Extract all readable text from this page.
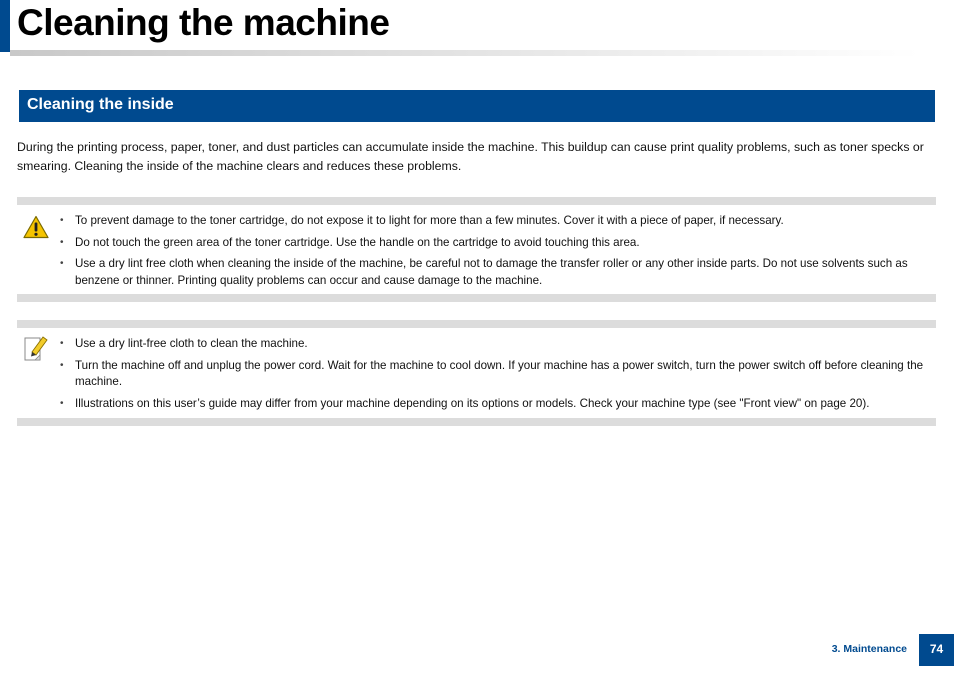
Cleaning the machine
Cleaning the inside

During the printing process, paper, toner, and dust particles can accumulate inside the machine. This buildup can cause print quality problems, such as toner specks or smearing. Cleaning the inside of the machine clears and reduces these problems.

• To prevent damage to the toner cartridge, do not expose it to light for more than a few minutes. Cover it with a piece of paper, if necessary.
• Do not touch the green area of the toner cartridge. Use the handle on the cartridge to avoid touching this area.
• Use a dry lint free cloth when cleaning the inside of the machine, be careful not to damage the transfer roller or any other inside parts. Do not use solvents such as benzene or thinner. Printing quality problems can occur and cause damage to the machine.
• Use a dry lint-free cloth to clean the machine.
• Turn the machine off and unplug the power cord. Wait for the machine to cool down. If your machine has a power switch, turn the power switch off before cleaning the machine.
• Illustrations on this user’s guide may differ from your machine depending on its options or models. Check your machine type (see "Front view" on page 20).
3. Maintenance	74
